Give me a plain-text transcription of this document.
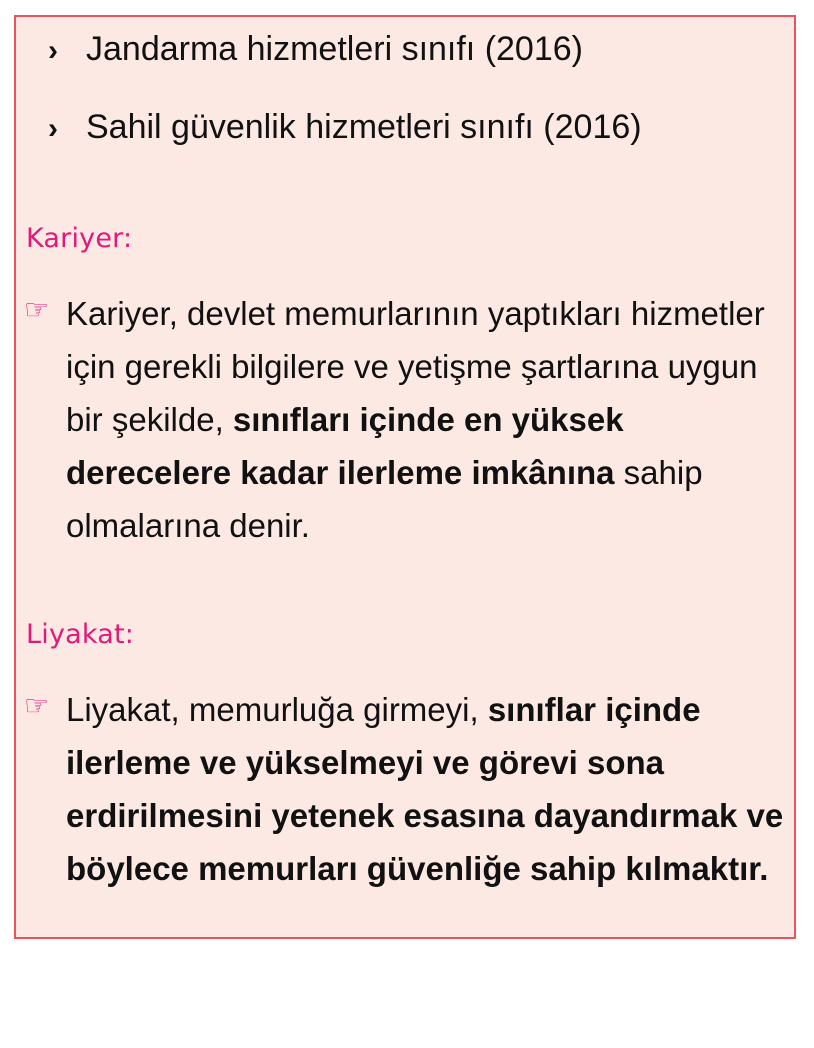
› Jandarma hizmetleri sınıfı (2016)
› Sahil güvenlik hizmetleri sınıfı (2016)
Kariyer:
☞ Kariyer, devlet memurlarının yaptıkları hizmetler için gerekli bilgilere ve yetişme şartlarına uygun bir şekilde, sınıfları içinde en yüksek derecelere kadar ilerleme imkânına sahip olmalarına denir.
Liyakat:
☞ Liyakat, memurluğa girmeyi, sınıflar içinde ilerleme ve yükselmeyi ve görevi sona erdirilmesini yetenek esasına dayandırmak ve böylece memurları güvenliğe sahip kılmaktır.
